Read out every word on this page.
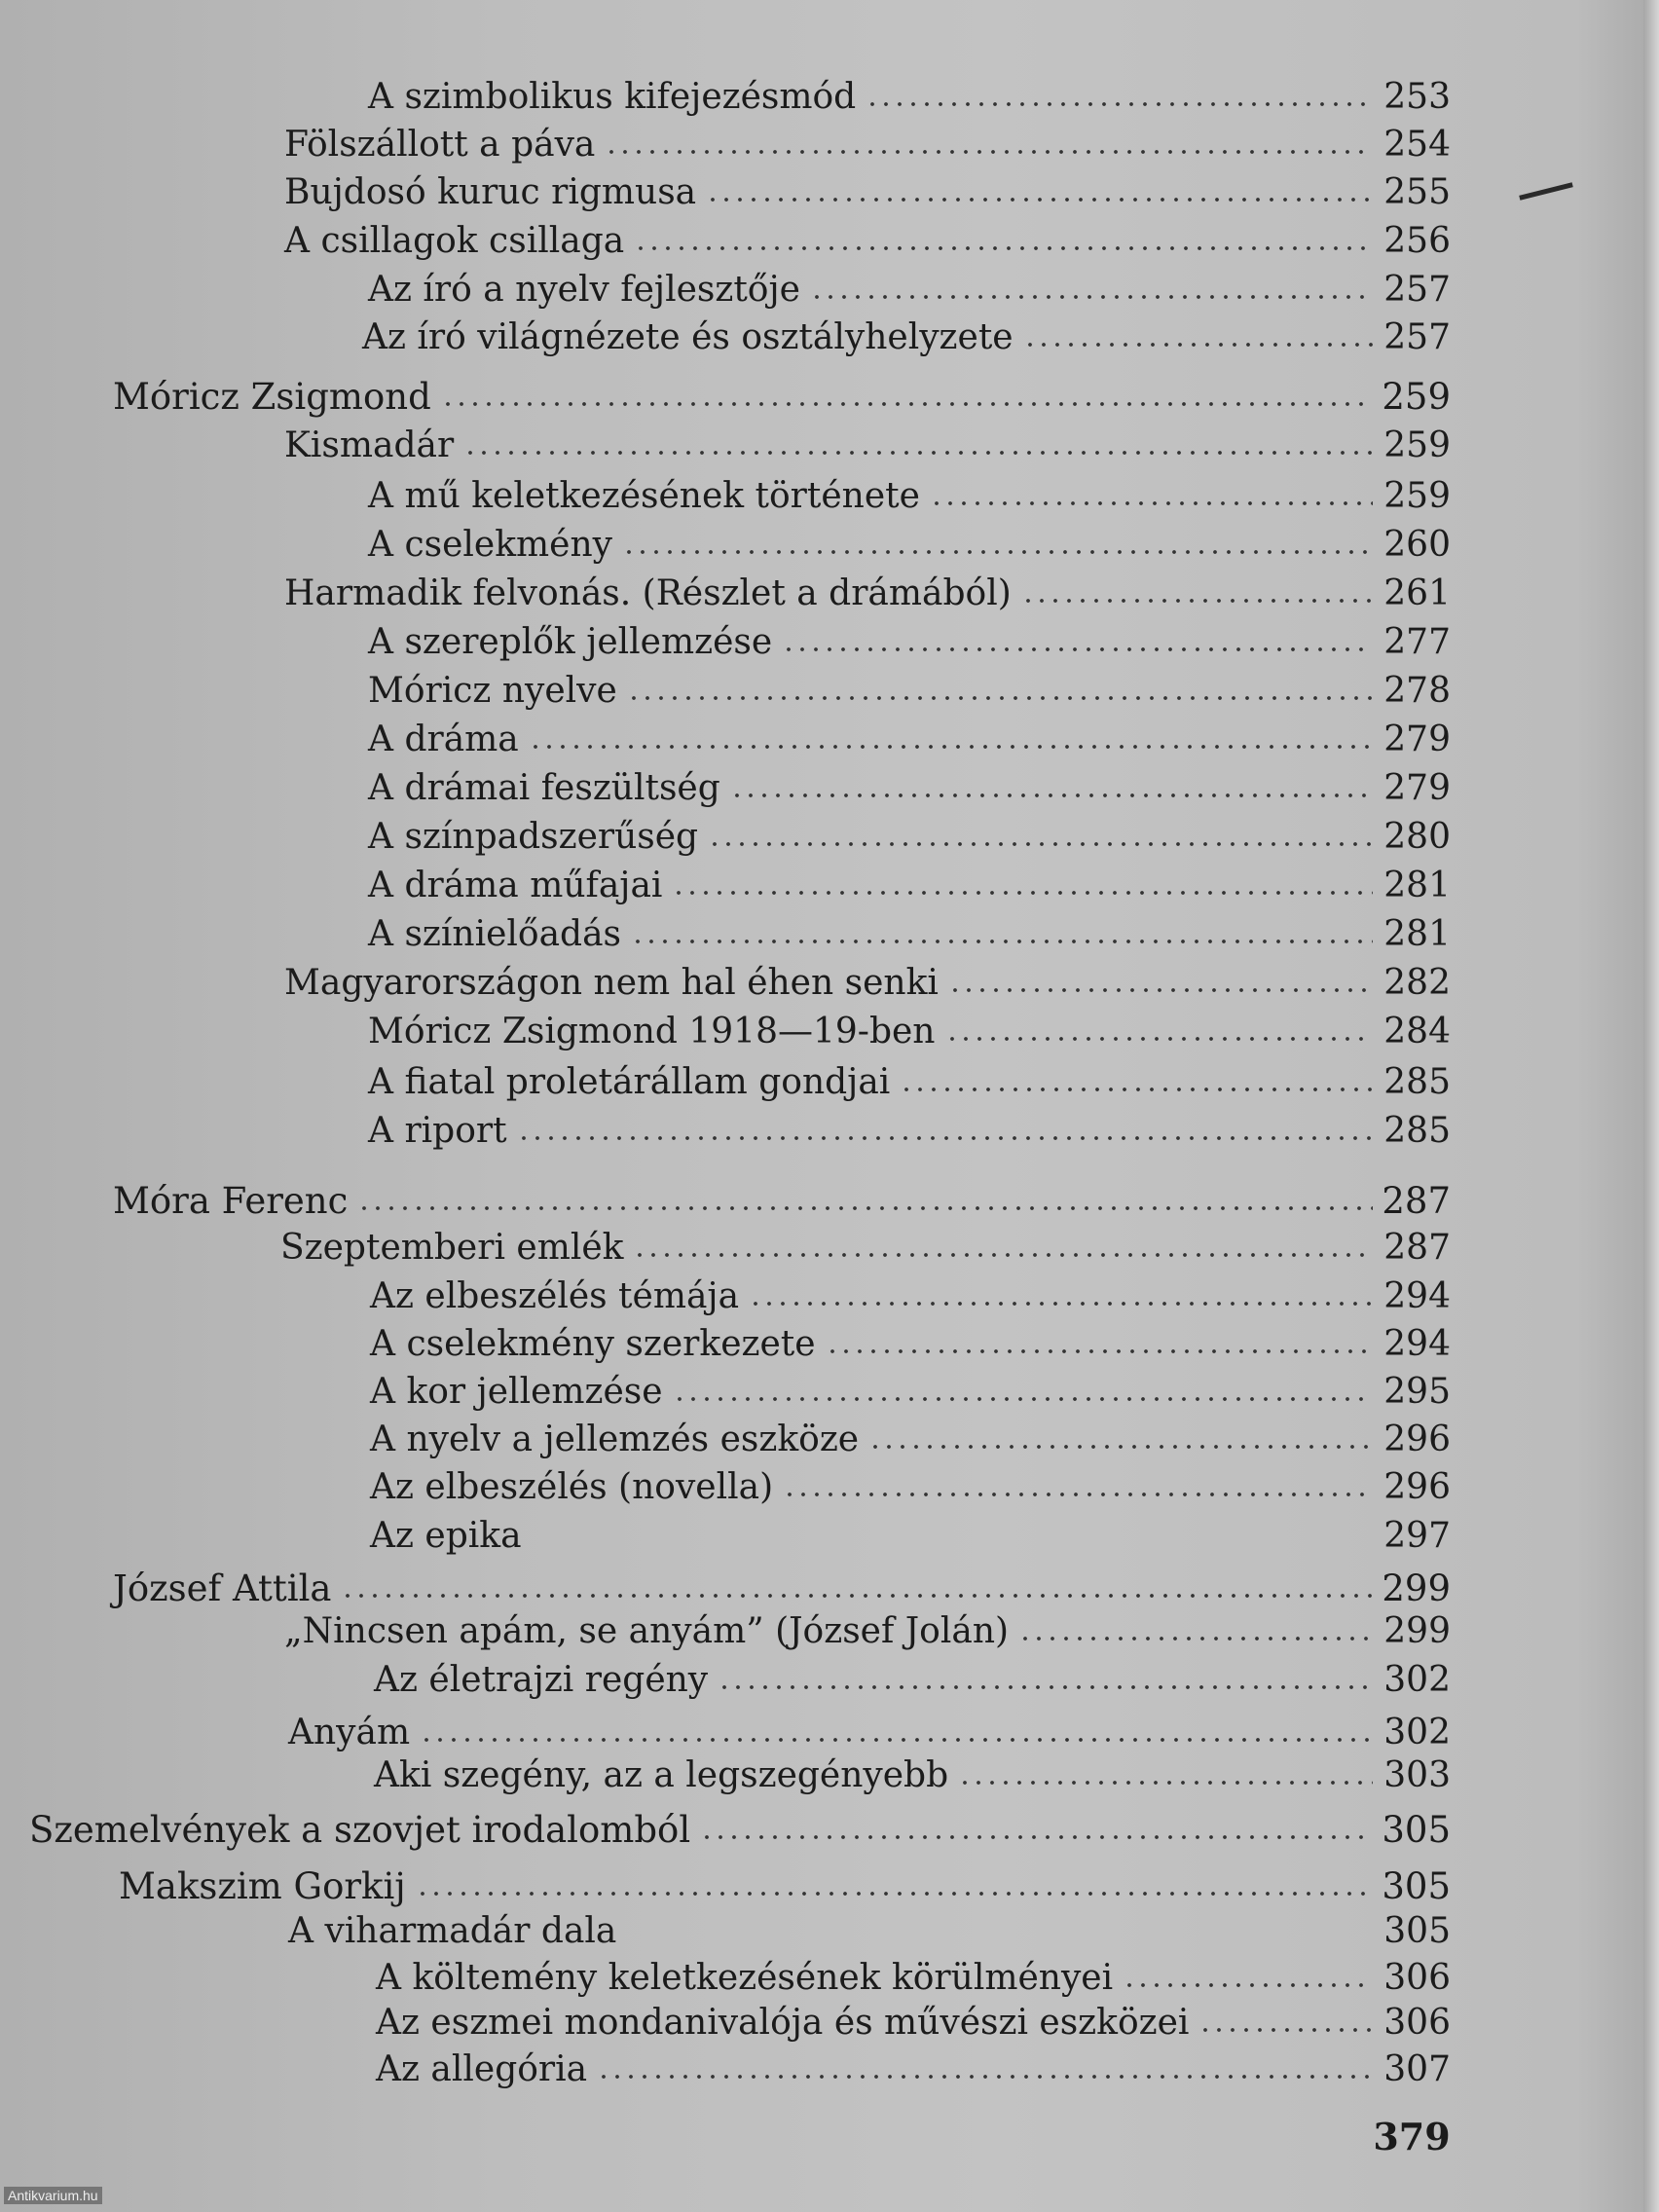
A szimbolikus kifejezésmód	253
Fölszállott a páva	254
Bujdosó kuruc rigmusa	255
A csillagok csillaga	256
Az író a nyelv fejlesztője	257
Az író világnézete és osztályhelyzete	257
Móricz Zsigmond	259
Kismadár	259
A mű keletkezésének története	259
A cselekmény	260
Harmadik felvonás. (Részlet a drámából)	261
A szereplők jellemzése	277
Móricz nyelve	278
A dráma	279
A drámai feszültség	279
A színpadszerűség	280
A dráma műfajai	281
A színielőadás	281
Magyarországon nem hal éhen senki	282
Móricz Zsigmond 1918—19-ben	284
A fiatal proletárállam gondjai	285
A riport	285
Móra Ferenc	287
Szeptemberi emlék	287
Az elbeszélés témája	294
A cselekmény szerkezete	294
A kor jellemzése	295
A nyelv a jellemzés eszköze	296
Az elbeszélés (novella)	296
Az epika	297
József Attila	299
„Nincsen apám, se anyám” (József Jolán)	299
Az életrajzi regény	302
Anyám	302
Aki szegény, az a legszegényebb	303
Szemelvények a szovjet irodalomból	305
Makszim Gorkij	305
A viharmadár dala	305
A költemény keletkezésének körülményei	306
Az eszmei mondanivalója és művészi eszközei	306
Az allegória	307
379
Antikvarium.hu
